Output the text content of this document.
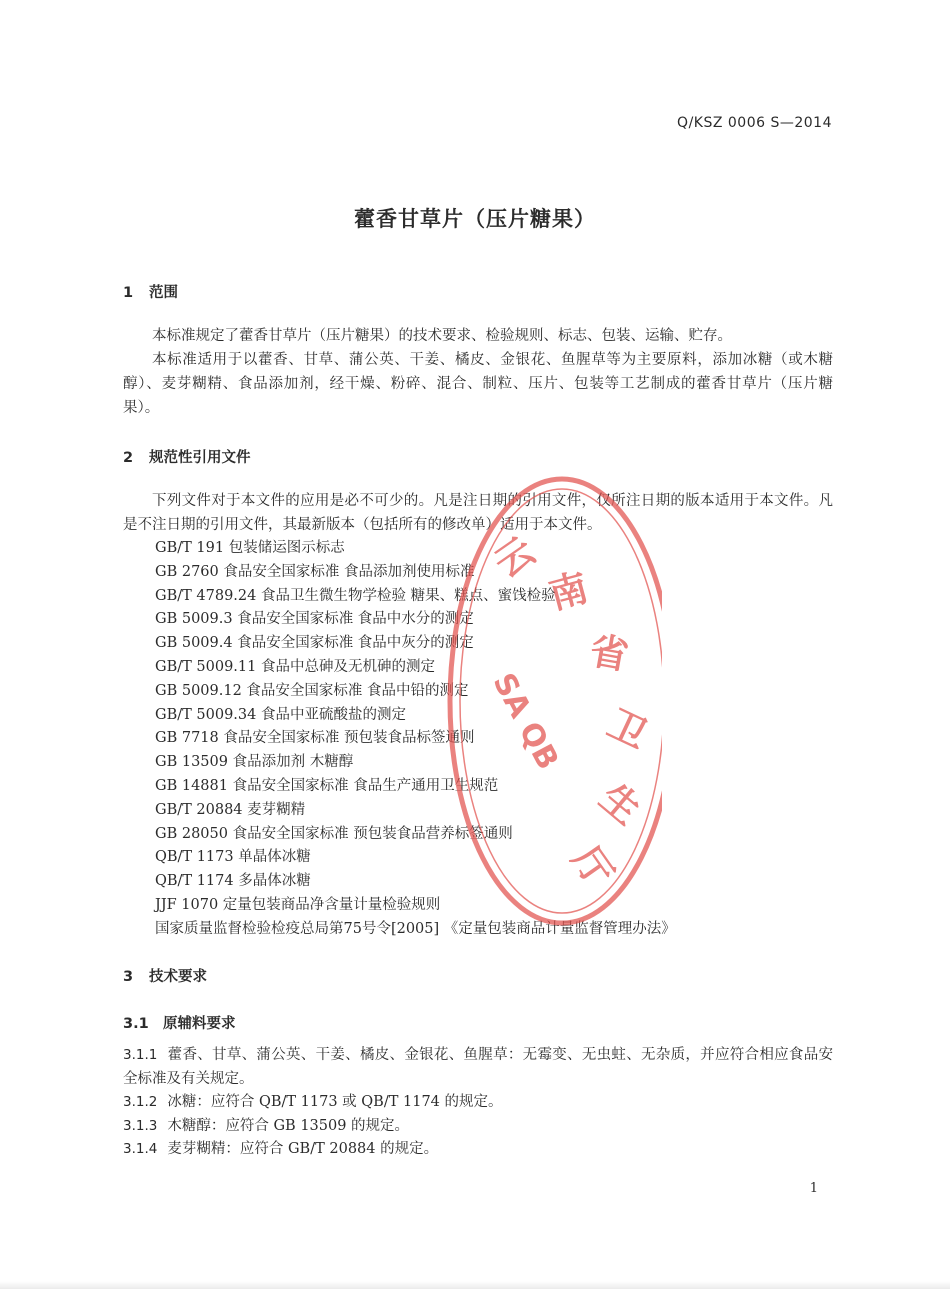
Q/KSZ 0006 S—2014
藿香甘草片（压片糖果）
1 范围
本标准规定了藿香甘草片（压片糖果）的技术要求、检验规则、标志、包装、运输、贮存。
本标准适用于以藿香、甘草、蒲公英、干姜、橘皮、金银花、鱼腥草等为主要原料，添加冰糖（或木糖醇）、麦芽糊精、食品添加剂，经干燥、粉碎、混合、制粒、压片、包装等工艺制成的藿香甘草片（压片糖果）。
2 规范性引用文件
下列文件对于本文件的应用是必不可少的。凡是注日期的引用文件，仅所注日期的版本适用于本文件。凡是不注日期的引用文件，其最新版本（包括所有的修改单）适用于本文件。
GB/T 191 包装储运图示标志
GB 2760 食品安全国家标准 食品添加剂使用标准
GB/T 4789.24 食品卫生微生物学检验 糖果、糕点、蜜饯检验
GB 5009.3 食品安全国家标准 食品中水分的测定
GB 5009.4 食品安全国家标准 食品中灰分的测定
GB/T 5009.11 食品中总砷及无机砷的测定
GB 5009.12 食品安全国家标准 食品中铅的测定
GB/T 5009.34 食品中亚硫酸盐的测定
GB 7718 食品安全国家标准 预包装食品标签通则
GB 13509 食品添加剂 木糖醇
GB 14881 食品安全国家标准 食品生产通用卫生规范
GB/T 20884 麦芽糊精
GB 28050 食品安全国家标准 预包装食品营养标签通则
QB/T 1173 单晶体冰糖
QB/T 1174 多晶体冰糖
JJF 1070 定量包装商品净含量计量检验规则
国家质量监督检验检疫总局第75号令[2005] 《定量包装商品计量监督管理办法》
3 技术要求
3.1 原辅料要求
3.1.1 藿香、甘草、蒲公英、干姜、橘皮、金银花、鱼腥草：无霉变、无虫蛀、无杂质，并应符合相应食品安全标准及有关规定。
3.1.2 冰糖：应符合 QB/T 1173 或 QB/T 1174 的规定。
3.1.3 木糖醇：应符合 GB 13509 的规定。
3.1.4 麦芽糊精：应符合 GB/T 20884 的规定。
1
云
南
省
卫
生
厅
SA QB
